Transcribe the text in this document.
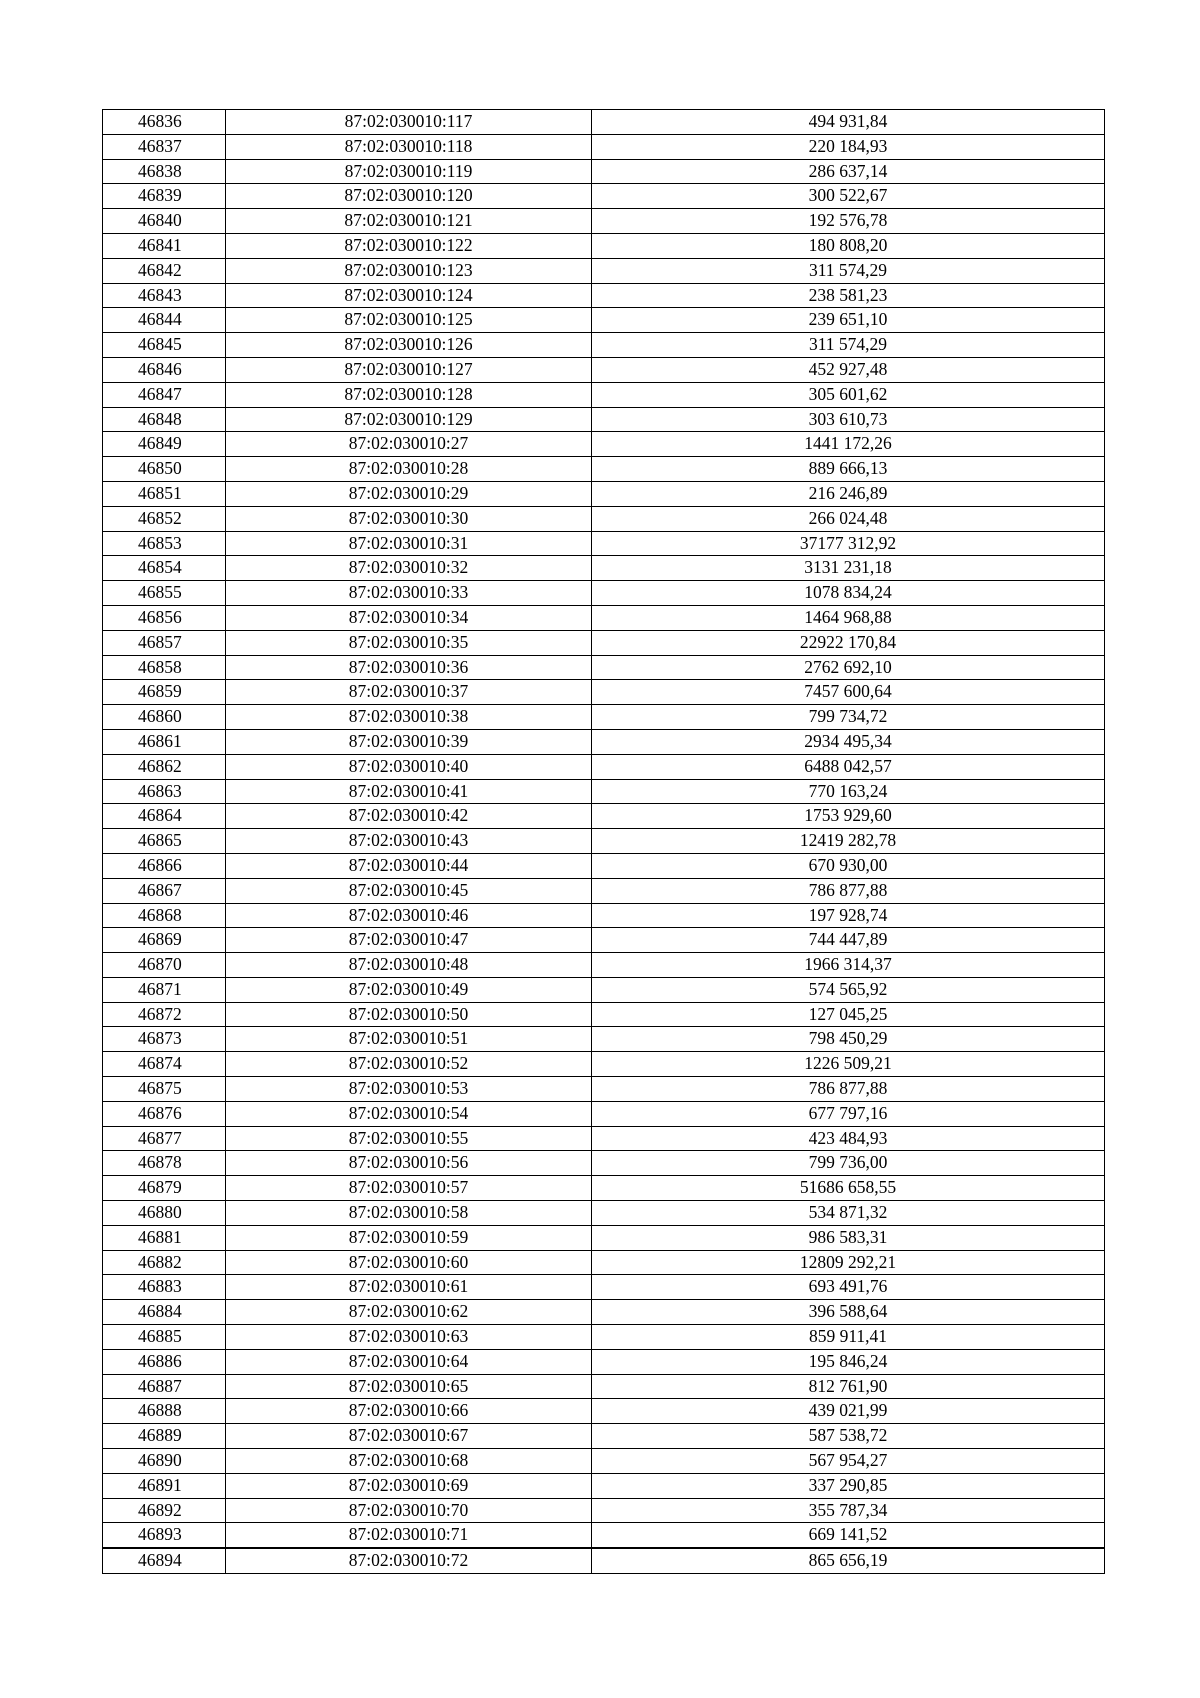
46836	87:02:030010:117	494 931,84
46837	87:02:030010:118	220 184,93
46838	87:02:030010:119	286 637,14
46839	87:02:030010:120	300 522,67
46840	87:02:030010:121	192 576,78
46841	87:02:030010:122	180 808,20
46842	87:02:030010:123	311 574,29
46843	87:02:030010:124	238 581,23
46844	87:02:030010:125	239 651,10
46845	87:02:030010:126	311 574,29
46846	87:02:030010:127	452 927,48
46847	87:02:030010:128	305 601,62
46848	87:02:030010:129	303 610,73
46849	87:02:030010:27	1441 172,26
46850	87:02:030010:28	889 666,13
46851	87:02:030010:29	216 246,89
46852	87:02:030010:30	266 024,48
46853	87:02:030010:31	37177 312,92
46854	87:02:030010:32	3131 231,18
46855	87:02:030010:33	1078 834,24
46856	87:02:030010:34	1464 968,88
46857	87:02:030010:35	22922 170,84
46858	87:02:030010:36	2762 692,10
46859	87:02:030010:37	7457 600,64
46860	87:02:030010:38	799 734,72
46861	87:02:030010:39	2934 495,34
46862	87:02:030010:40	6488 042,57
46863	87:02:030010:41	770 163,24
46864	87:02:030010:42	1753 929,60
46865	87:02:030010:43	12419 282,78
46866	87:02:030010:44	670 930,00
46867	87:02:030010:45	786 877,88
46868	87:02:030010:46	197 928,74
46869	87:02:030010:47	744 447,89
46870	87:02:030010:48	1966 314,37
46871	87:02:030010:49	574 565,92
46872	87:02:030010:50	127 045,25
46873	87:02:030010:51	798 450,29
46874	87:02:030010:52	1226 509,21
46875	87:02:030010:53	786 877,88
46876	87:02:030010:54	677 797,16
46877	87:02:030010:55	423 484,93
46878	87:02:030010:56	799 736,00
46879	87:02:030010:57	51686 658,55
46880	87:02:030010:58	534 871,32
46881	87:02:030010:59	986 583,31
46882	87:02:030010:60	12809 292,21
46883	87:02:030010:61	693 491,76
46884	87:02:030010:62	396 588,64
46885	87:02:030010:63	859 911,41
46886	87:02:030010:64	195 846,24
46887	87:02:030010:65	812 761,90
46888	87:02:030010:66	439 021,99
46889	87:02:030010:67	587 538,72
46890	87:02:030010:68	567 954,27
46891	87:02:030010:69	337 290,85
46892	87:02:030010:70	355 787,34
46893	87:02:030010:71	669 141,52
46894	87:02:030010:72	865 656,19
